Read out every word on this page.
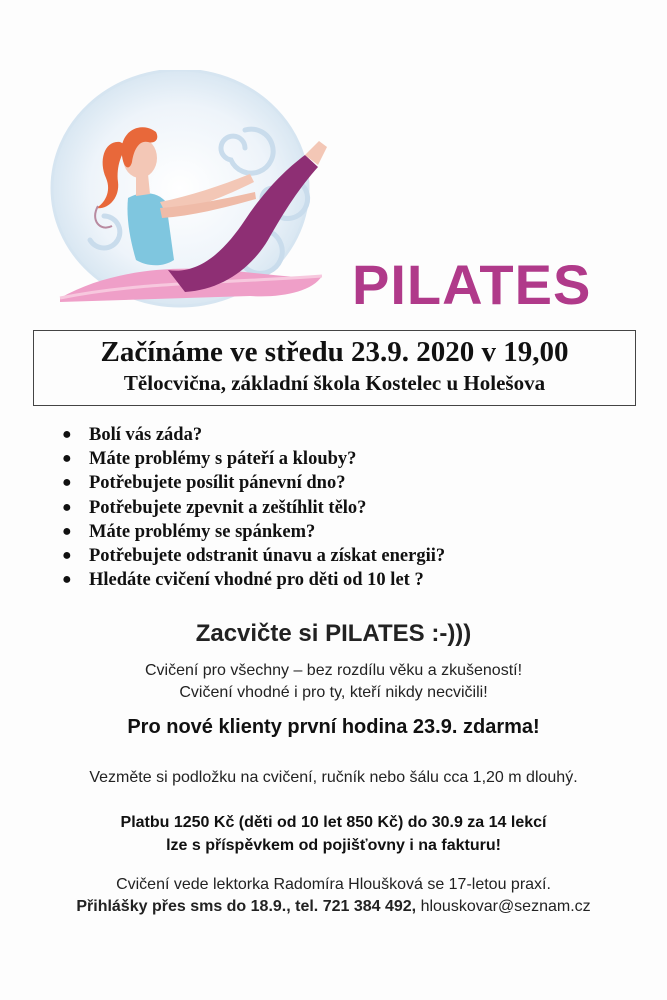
PILATES
Začínáme ve středu 23.9. 2020 v 19,00
Tělocvična, základní škola Kostelec u Holešova
● Bolí vás záda?
● Máte problémy s páteří a klouby?
● Potřebujete posílit pánevní dno?
● Potřebujete zpevnit a zeštíhlit tělo?
● Máte problémy se spánkem?
● Potřebujete odstranit únavu a získat energii?
● Hledáte cvičení vhodné pro děti od 10 let ?
Zacvičte si PILATES :-)))
Cvičení pro všechny – bez rozdílu věku a zkušeností!
Cvičení vhodné i pro ty, kteří nikdy necvičili!
Pro nové klienty první hodina 23.9. zdarma!
Vezměte si podložku na cvičení, ručník nebo šálu cca 1,20 m dlouhý.
Platbu 1250 Kč (děti od 10 let 850 Kč) do 30.9 za 14 lekcí
lze s příspěvkem od pojišťovny i na fakturu!
Cvičení vede lektorka Radomíra Hloušková se 17-letou praxí.
Přihlášky přes sms do 18.9., tel. 721 384 492, hlouskovar@seznam.cz
